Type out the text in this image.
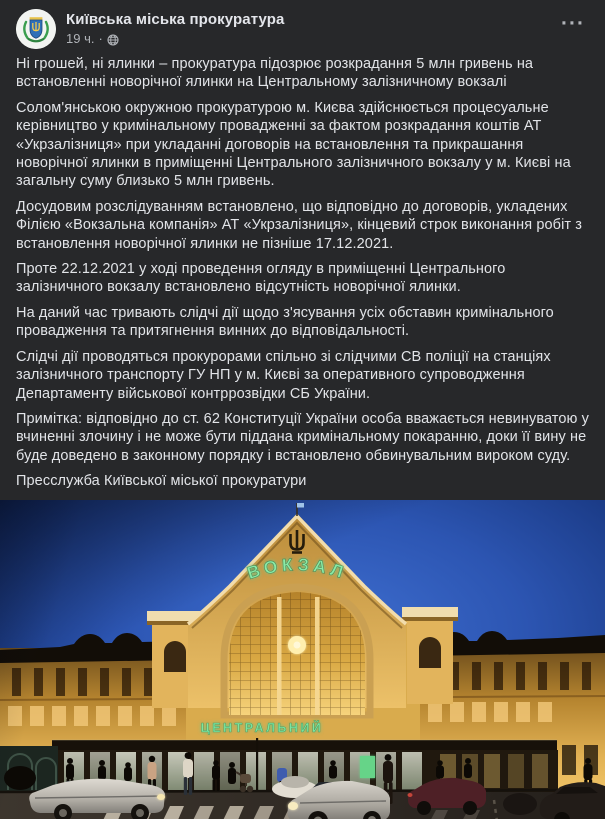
Київська міська прокуратура
19 ч. ·
···

Ні грошей, ні ялинки – прокуратура підозрює розкрадання 5 млн гривень на встановленні новорічної ялинки на Центральному залізничному вокзалі

Солом'янською окружною прокуратурою м. Києва здійснюється процесуальне керівництво у кримінальному провадженні за фактом розкрадання коштів АТ «Укрзалізниця» при укладанні договорів на встановлення та прикрашання новорічної ялинки в приміщенні Центрального залізничного вокзалу у м. Києві на загальну суму близько 5 млн гривень.

Досудовим розслідуванням встановлено, що відповідно до договорів, укладених Філією «Вокзальна компанія» АТ «Укрзалізниця», кінцевий строк виконання робіт з встановлення новорічної ялинки не пізніше 17.12.2021.

Проте 22.12.2021 у ході проведення огляду в приміщенні Центрального залізничного вокзалу встановлено відсутність новорічної ялинки.

На даний час тривають слідчі дії щодо з'ясування усіх обставин кримінального провадження та притягнення винних до відповідальності.

Слідчі дії проводяться прокурорами спільно зі слідчими СВ поліції на станціях залізничного транспорту ГУ НП у м. Києві за оперативного супроводження Департаменту військової контррозвідки СБ України.

Примітка: відповідно до ст. 62 Конституції України особа вважається невинуватою у вчиненні злочину і не може бути піддана кримінальному покаранню, доки її вину не буде доведено в законному порядку і встановлено обвинувальним вироком суду.

Пресслужба Київської міської прокуратури

ВОКЗАЛ
ЦЕНТРАЛЬНИЙ
